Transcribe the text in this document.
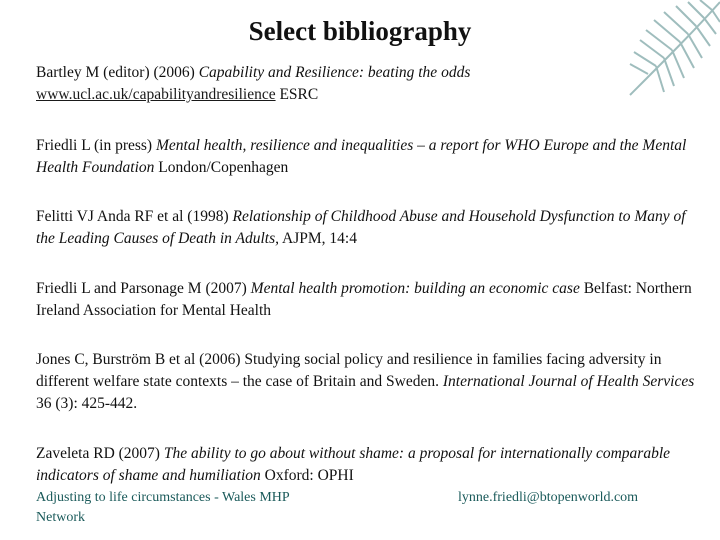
Select bibliography
Bartley M (editor) (2006) Capability and Resilience: beating the odds
www.ucl.ac.uk/capabilityandresilience ESRC
Friedli L (in press) Mental health, resilience and inequalities – a report for WHO Europe and the Mental Health Foundation London/Copenhagen
Felitti VJ Anda RF et al (1998) Relationship of Childhood Abuse and Household Dysfunction to Many of the Leading Causes of Death in Adults, AJPM, 14:4
Friedli L and Parsonage M (2007) Mental health promotion: building an economic case Belfast: Northern Ireland Association for Mental Health
Jones C, Burström B et al (2006) Studying social policy and resilience in families facing adversity in different welfare state contexts – the case of Britain and Sweden. International Journal of Health Services 36 (3): 425-442.
Zaveleta RD (2007) The ability to go about without shame: a proposal for internationally comparable indicators of shame and humiliation Oxford: OPHI
Adjusting to life circumstances - Wales MHP Network
lynne.friedli@btopenworld.com
